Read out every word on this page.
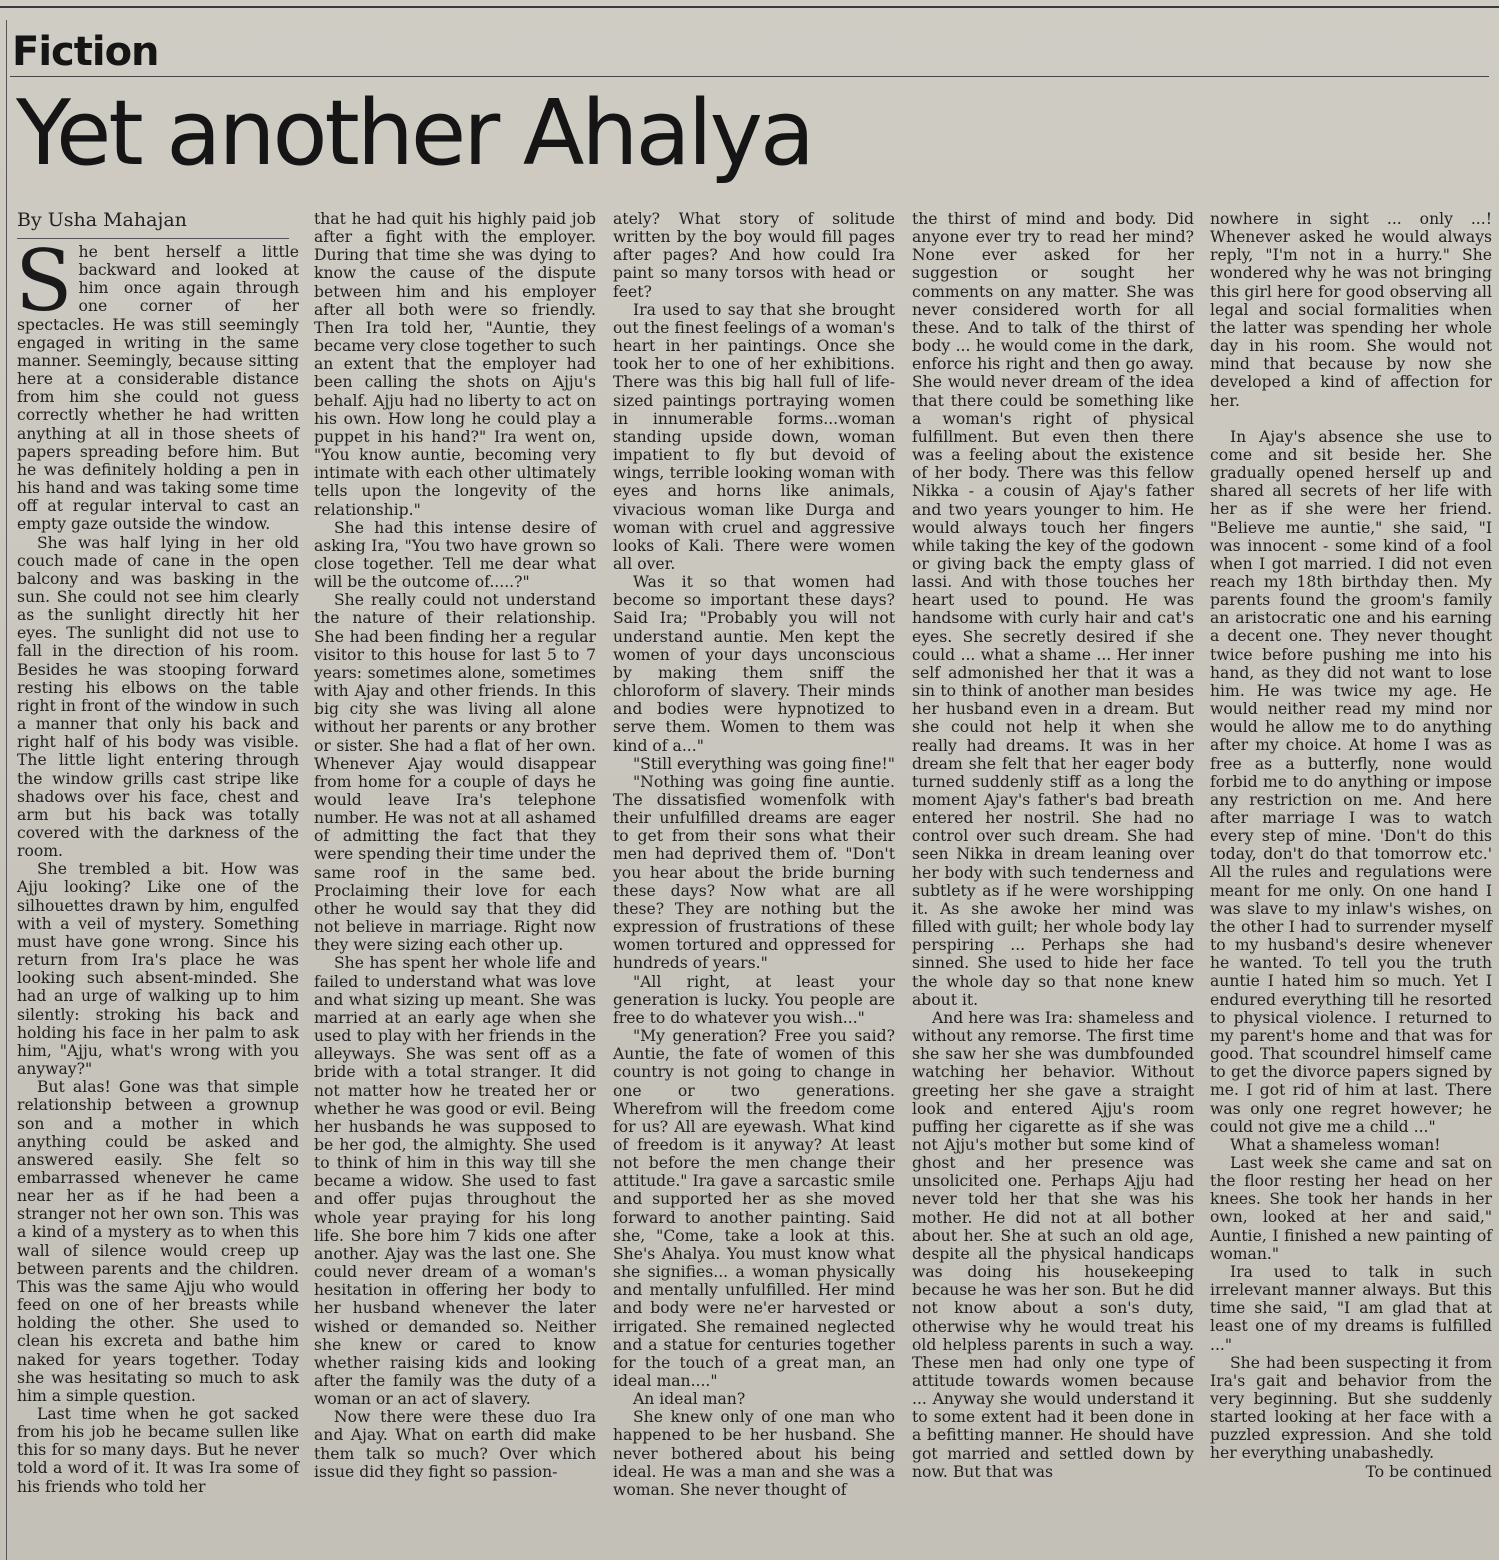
Fiction
Yet another Ahalya
By Usha Mahajan

She bent herself a little backward and looked at him once again through one corner of her spectacles. He was still seemingly engaged in writing in the same manner. Seemingly, because sitting here at a considerable distance from him she could not guess correctly whether he had written anything at all in those sheets of papers spreading before him. But he was definitely holding a pen in his hand and was taking some time off at regular interval to cast an empty gaze outside the window.

She was half lying in her old couch made of cane in the open balcony and was basking in the sun. She could not see him clearly as the sunlight directly hit her eyes. The sunlight did not use to fall in the direction of his room. Besides he was stooping forward resting his elbows on the table right in front of the window in such a manner that only his back and right half of his body was visible. The little light entering through the window grills cast stripe like shadows over his face, chest and arm but his back was totally covered with the darkness of the room.

She trembled a bit. How was Ajju looking? Like one of the silhouettes drawn by him, engulfed with a veil of mystery. Something must have gone wrong. Since his return from Ira's place he was looking such absent-minded. She had an urge of walking up to him silently: stroking his back and holding his face in her palm to ask him, "Ajju, what's wrong with you anyway?"

But alas! Gone was that simple relationship between a grownup son and a mother in which anything could be asked and answered easily. She felt so embarrassed whenever he came near her as if he had been a stranger not her own son. This was a kind of a mystery as to when this wall of silence would creep up between parents and the children. This was the same Ajju who would feed on one of her breasts while holding the other. She used to clean his excreta and bathe him naked for years together. Today she was hesitating so much to ask him a simple question.

Last time when he got sacked from his job he became sullen like this for so many days. But he never told a word of it. It was Ira some of his friends who told her

that he had quit his highly paid job after a fight with the employer. During that time she was dying to know the cause of the dispute between him and his employer after all both were so friendly. Then Ira told her, "Auntie, they became very close together to such an extent that the employer had been calling the shots on Ajju's behalf. Ajju had no liberty to act on his own. How long he could play a puppet in his hand?" Ira went on, "You know auntie, becoming very intimate with each other ultimately tells upon the longevity of the relationship."

She had this intense desire of asking Ira, "You two have grown so close together. Tell me dear what will be the outcome of.....?"

She really could not understand the nature of their relationship. She had been finding her a regular visitor to this house for last 5 to 7 years: sometimes alone, sometimes with Ajay and other friends. In this big city she was living all alone without her parents or any brother or sister. She had a flat of her own. Whenever Ajay would disappear from home for a couple of days he would leave Ira's telephone number. He was not at all ashamed of admitting the fact that they were spending their time under the same roof in the same bed. Proclaiming their love for each other he would say that they did not believe in marriage. Right now they were sizing each other up.

She has spent her whole life and failed to understand what was love and what sizing up meant. She was married at an early age when she used to play with her friends in the alleyways. She was sent off as a bride with a total stranger. It did not matter how he treated her or whether he was good or evil. Being her husbands he was supposed to be her god, the almighty. She used to think of him in this way till she became a widow. She used to fast and offer pujas throughout the whole year praying for his long life. She bore him 7 kids one after another. Ajay was the last one. She could never dream of a woman's hesitation in offering her body to her husband whenever the later wished or demanded so. Neither she knew or cared to know whether raising kids and looking after the family was the duty of a woman or an act of slavery.

Now there were these duo Ira and Ajay. What on earth did make them talk so much? Over which issue did they fight so passion-

ately? What story of solitude written by the boy would fill pages after pages? And how could Ira paint so many torsos with head or feet?

Ira used to say that she brought out the finest feelings of a woman's heart in her paintings. Once she took her to one of her exhibitions. There was this big hall full of life-sized paintings portraying women in innumerable forms...woman standing upside down, woman impatient to fly but devoid of wings, terrible looking woman with eyes and horns like animals, vivacious woman like Durga and woman with cruel and aggressive looks of Kali. There were women all over.

Was it so that women had become so important these days? Said Ira; "Probably you will not understand auntie. Men kept the women of your days unconscious by making them sniff the chloroform of slavery. Their minds and bodies were hypnotized to serve them. Women to them was kind of a..."

"Still everything was going fine!"

"Nothing was going fine auntie. The dissatisfied womenfolk with their unfulfilled dreams are eager to get from their sons what their men had deprived them of. "Don't you hear about the bride burning these days? Now what are all these? They are nothing but the expression of frustrations of these women tortured and oppressed for hundreds of years."

"All right, at least your generation is lucky. You people are free to do whatever you wish..."

"My generation? Free you said? Auntie, the fate of women of this country is not going to change in one or two generations. Wherefrom will the freedom come for us? All are eyewash. What kind of freedom is it anyway? At least not before the men change their attitude." Ira gave a sarcastic smile and supported her as she moved forward to another painting. Said she, "Come, take a look at this. She's Ahalya. You must know what she signifies... a woman physically and mentally unfulfilled. Her mind and body were ne'er harvested or irrigated. She remained neglected and a statue for centuries together for the touch of a great man, an ideal man...."

An ideal man?

She knew only of one man who happened to be her husband. She never bothered about his being ideal. He was a man and she was a woman. She never thought of

the thirst of mind and body. Did anyone ever try to read her mind? None ever asked for her suggestion or sought her comments on any matter. She was never considered worth for all these. And to talk of the thirst of body ... he would come in the dark, enforce his right and then go away. She would never dream of the idea that there could be something like a woman's right of physical fulfillment. But even then there was a feeling about the existence of her body. There was this fellow Nikka - a cousin of Ajay's father and two years younger to him. He would always touch her fingers while taking the key of the godown or giving back the empty glass of lassi. And with those touches her heart used to pound. He was handsome with curly hair and cat's eyes. She secretly desired if she could ... what a shame ... Her inner self admonished her that it was a sin to think of another man besides her husband even in a dream. But she could not help it when she really had dreams. It was in her dream she felt that her eager body turned suddenly stiff as a long the moment Ajay's father's bad breath entered her nostril. She had no control over such dream. She had seen Nikka in dream leaning over her body with such tenderness and subtlety as if he were worshipping it. As she awoke her mind was filled with guilt; her whole body lay perspiring ... Perhaps she had sinned. She used to hide her face the whole day so that none knew about it.

And here was Ira: shameless and without any remorse. The first time she saw her she was dumbfounded watching her behavior. Without greeting her she gave a straight look and entered Ajju's room puffing her cigarette as if she was not Ajju's mother but some kind of ghost and her presence was unsolicited one. Perhaps Ajju had never told her that she was his mother. He did not at all bother about her. She at such an old age, despite all the physical handicaps was doing his housekeeping because he was her son. But he did not know about a son's duty, otherwise why he would treat his old helpless parents in such a way. These men had only one type of attitude towards women because ... Anyway she would understand it to some extent had it been done in a befitting manner. He should have got married and settled down by now. But that was

nowhere in sight ... only ...! Whenever asked he would always reply, "I'm not in a hurry." She wondered why he was not bringing this girl here for good observing all legal and social formalities when the latter was spending her whole day in his room. She would not mind that because by now she developed a kind of affection for her.

In Ajay's absence she use to come and sit beside her. She gradually opened herself up and shared all secrets of her life with her as if she were her friend. "Believe me auntie," she said, "I was innocent - some kind of a fool when I got married. I did not even reach my 18th birthday then. My parents found the groom's family an aristocratic one and his earning a decent one. They never thought twice before pushing me into his hand, as they did not want to lose him. He was twice my age. He would neither read my mind nor would he allow me to do anything after my choice. At home I was as free as a butterfly, none would forbid me to do anything or impose any restriction on me. And here after marriage I was to watch every step of mine. 'Don't do this today, don't do that tomorrow etc.' All the rules and regulations were meant for me only. On one hand I was slave to my inlaw's wishes, on the other I had to surrender myself to my husband's desire whenever he wanted. To tell you the truth auntie I hated him so much. Yet I endured everything till he resorted to physical violence. I returned to my parent's home and that was for good. That scoundrel himself came to get the divorce papers signed by me. I got rid of him at last. There was only one regret however; he could not give me a child ..."

What a shameless woman!

Last week she came and sat on the floor resting her head on her knees. She took her hands in her own, looked at her and said," Auntie, I finished a new painting of woman."

Ira used to talk in such irrelevant manner always. But this time she said, "I am glad that at least one of my dreams is fulfilled ..."

She had been suspecting it from Ira's gait and behavior from the very beginning. But she suddenly started looking at her face with a puzzled expression. And she told her everything unabashedly.

To be continued
